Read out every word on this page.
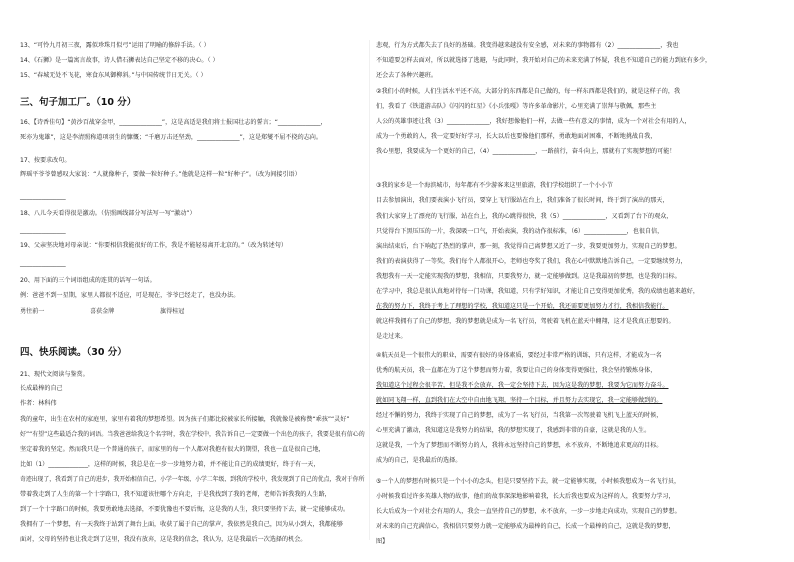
13、“可怜九月初三夜，露似珍珠月似弓”运用了明喻的修辞手法。（ ）
14、《石狮》是一篇寓言故事，诗人借石狮表达自己坚定不移的决心。（ ）
15、“春城无处不飞花，寒食东风御柳斜。”与中国传统节日无关。（ ）
三、句子加工厂。（10 分）
16、【诗香佳句】“黄沙百战穿金甲，______________”，这是高适是我们将士报国壮志的誓言；“______________，
死亦为鬼雄”，这是李清照称道项羽生的慷慨；“千磨万击还坚劲，______________”，这是郑燮不屈不挠的志向。
17、按要求改句。
辉瑶平爷爷曾感叹大家说：“人就像种子，要做一粒好种子。”他就是这样一粒“好种子”。（改为间接引语）
_______________
18、八儿今天看得很是激动。（仿照画线部分写法写一写“激动”）
_______________
19、父亲坚决地对母亲说：“你要相信我能很好的工作，我是不能轻易离开北京的。”（改为转述句）
_______________
20、用下面的三个词语组成的连贯的话写一句话。
例：爸爸不到一星期，家里人都很不适应，可是现在，爷爷已经走了，也没办法。
勇往前一	喜获金牌	旗得桂冠
四、快乐阅读。（30 分）
21、现代文阅读与鉴赏。
长成最棒的自己
作者：林科伟
我的童年，出生在农村的家庭里，家里有着我的梦想希望。因为孩子们都比较被家长所接触，我就像是被称赞“乖孩”“灵好”
好”“有望”这些最适合我的词语。当我爸爸给我这个名字时，我在学校中，我告诉自己一定要做一个出色的孩子，我要是很有信心的
坚定着我的坚定。然而我只是一个普通的孩子，而家里的每一个人都对我抱有很大的期望，我也一直是很自己地，
比如（1）_____________，这样的时候，我总是在一步一步地努力着，并不能让自己的成绩更好，终于有一天，
奇迹出现了，我看到了自己的进步，我开始相信自己，小学一年级、小学二年级、到我的学校中，我发现到了自己的优点，我对于你所
带着我走到了人生的第一个十字路口，我不知道该往哪个方向走，于是我找到了我的老师，老师告诉我我的人生路，
到了一个十字路口的时候，我要勇敢地去选择，不要犹豫也不要后悔，这是我的人生，我只要坚持下去，就一定能够成功。
我拥有了一个梦想，有一天我终于站到了舞台上面，收获了属于自己的掌声，我依然是我自己，因为从小到大，我都能够
面对，父母的坚持也让我走到了这里，我没有放弃，这是我的信念，我认为，这是我最后一次选择的机会。
悲观，行为方式都失去了良好的基础。我变得越来越没有安全感，对未来的事物都有（2）______________，我也
不知道要怎样去面对，所以就选择了逃避，与此同时，我开始对自己的未来充满了怀疑，我也不知道自己的能力到底有多少，
还会去了各种兴趣班。
②我们小的时候，人们生活水平还不高，大部分的东西都是自己做的，每一样东西都是我们的，就是这样子的，我
们，我看了《铁道游击队》《闪闪的红星》《小兵张嘎》等许多革命影片，心里充满了崇拜与敬佩，那些主
人公的英雄事迹让我（3）______________，我好想像他们一样，去做一些有意义的事情，成为一个对社会有用的人，
成为一个勇敢的人，我一定要好好学习，长大以后也要像他们那样，勇敢地面对困难，不断地挑战自我，
我心里想，我要成为一个更好的自己，（4）______________，一路前行，奋斗向上，那就有了实现梦想的可能！
③我的家乡是一个海滨城市，每年都有不少游客来这里旅游，我们学校组织了一个小小节
目去参加演出，我们要表演小飞行员，要穿上飞行服站在台上，我们准备了很长时间，终于到了演出的那天，
我们大家穿上了漂亮的飞行服，站在台上，我的心跳得很快，我（5）______________，又看到了台下的观众，
只觉得台下黑压压的一片，我深吸一口气，开始表演，我的动作很标准，（6）______________，也很自信，
演出结束后，台下响起了热烈的掌声，那一刻，我觉得自己离梦想又近了一步，我要更加努力，实现自己的梦想。
我们的表演获得了一等奖，我们每个人都很开心，老师也夸奖了我们，我在心中默默地告诉自己，一定要继续努力，
我想我有一天一定能实现我的梦想，我相信，只要我努力，就一定能够做到。这是我最初的梦想，也是我的目标。
在学习中，我总是很认真地对待每一门功课，我知道，只有学好知识，才能让自己变得更加优秀，我的成绩也越来越好，
在我的努力下，我终于考上了理想的学校，我知道这只是一个开始，我还需要更加努力才行，我相信我能行。
就这样我拥有了自己的梦想，我的梦想就是成为一名飞行员，驾驶着飞机在蓝天中翱翔，这才是我真正想要的。
是走过来。
④航天员是一个很伟大的职业，需要有很好的身体素质，要经过非常严格的训练，只有这样，才能成为一名
优秀的航天员，我一直都在为了这个梦想而努力着，我要让自己的身体变得更强壮，我会坚持锻炼身体，
我知道这个过程会很辛苦，但是我不会放弃，我一定会坚持下去，因为这是我的梦想，我要为它而努力奋斗。
就如同飞翔一样，直到我们在大空中自由地飞翔，坚持一个目标，并且努力去实现它，我一定能够做到的。
经过不懈的努力，我终于实现了自己的梦想，成为了一名飞行员，当我第一次驾驶着飞机飞上蓝天的时候，
心里充满了激动，我知道这是我努力的结果，我的梦想实现了，我感到非常的自豪，这就是我的人生。
这就是我，一个为了梦想而不断努力的人，我将永远坚持自己的梦想，永不放弃，不断地追求更高的目标。
成为的自己，是我最后的选择。
⑤一个人的梦想有时候只是一个小小的念头，但是只要坚持下去，就一定能够实现，小时候我想成为一名飞行员，
小时候我看过许多英雄人物的故事，他们的故事深深地影响着我，长大后我也要成为这样的人，我要努力学习，
长大后成为一个对社会有用的人，我会一直坚持自己的梦想，永不放弃，一步一步地走向成功，实现自己的梦想。
对未来的自己充满信心，我相信只要努力就一定能够成为最棒的自己，长成一个最棒的自己，这就是我的梦想，
图】
